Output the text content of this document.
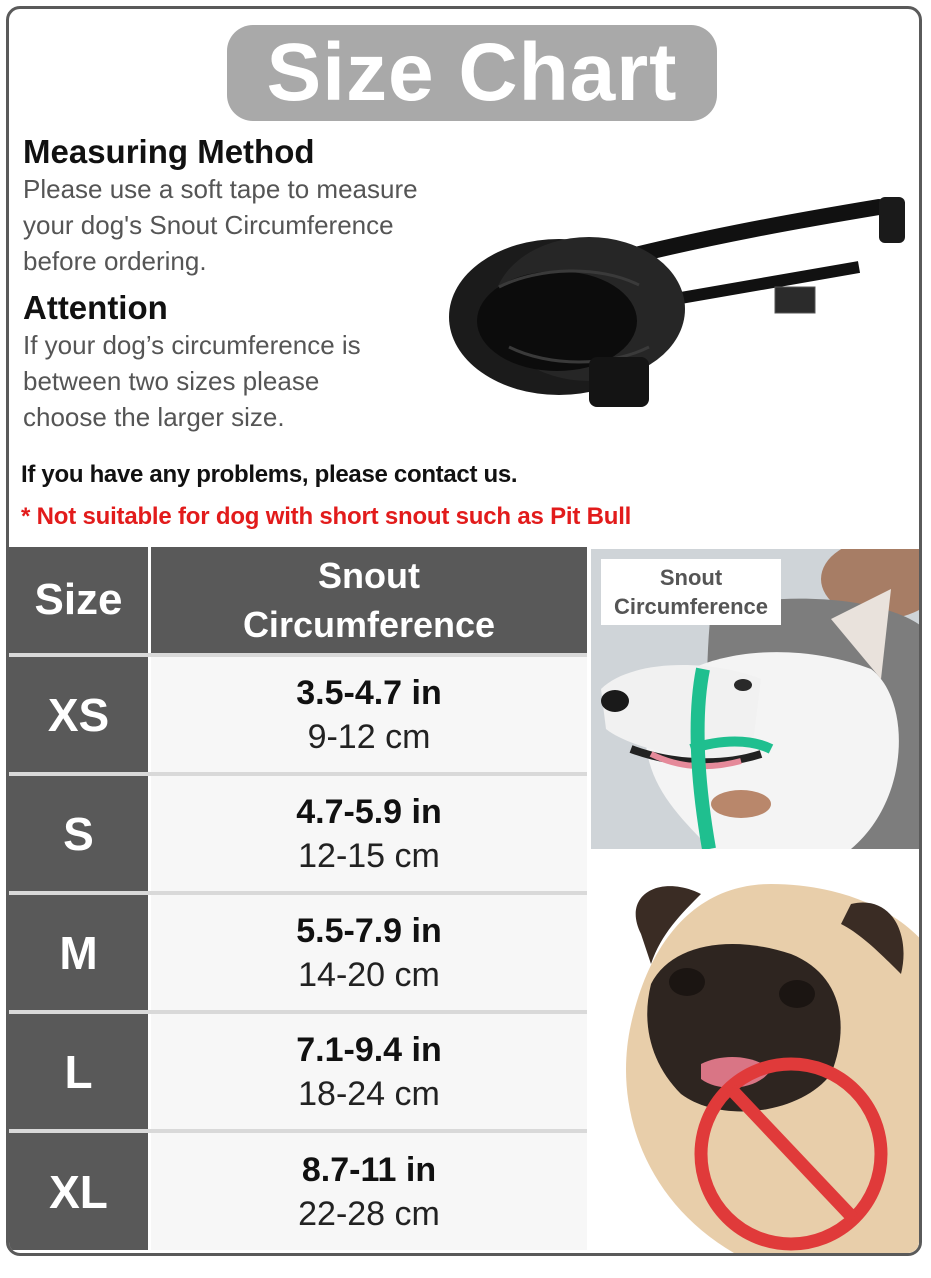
Size Chart
Measuring Method
Please use a soft tape to measure
your dog's Snout Circumference
before ordering.
Attention
If your dog’s circumference is
between two sizes please
choose the larger size.
If you have any problems, please contact us.
* Not suitable for dog with short snout such as Pit Bull
Size	Snout
Circumference
XS	3.5-4.7 in
9-12 cm
S	4.7-5.9 in
12-15 cm
M	5.5-7.9 in
14-20 cm
L	7.1-9.4 in
18-24 cm
XL	8.7-11 in
22-28 cm
Snout
Circumference
